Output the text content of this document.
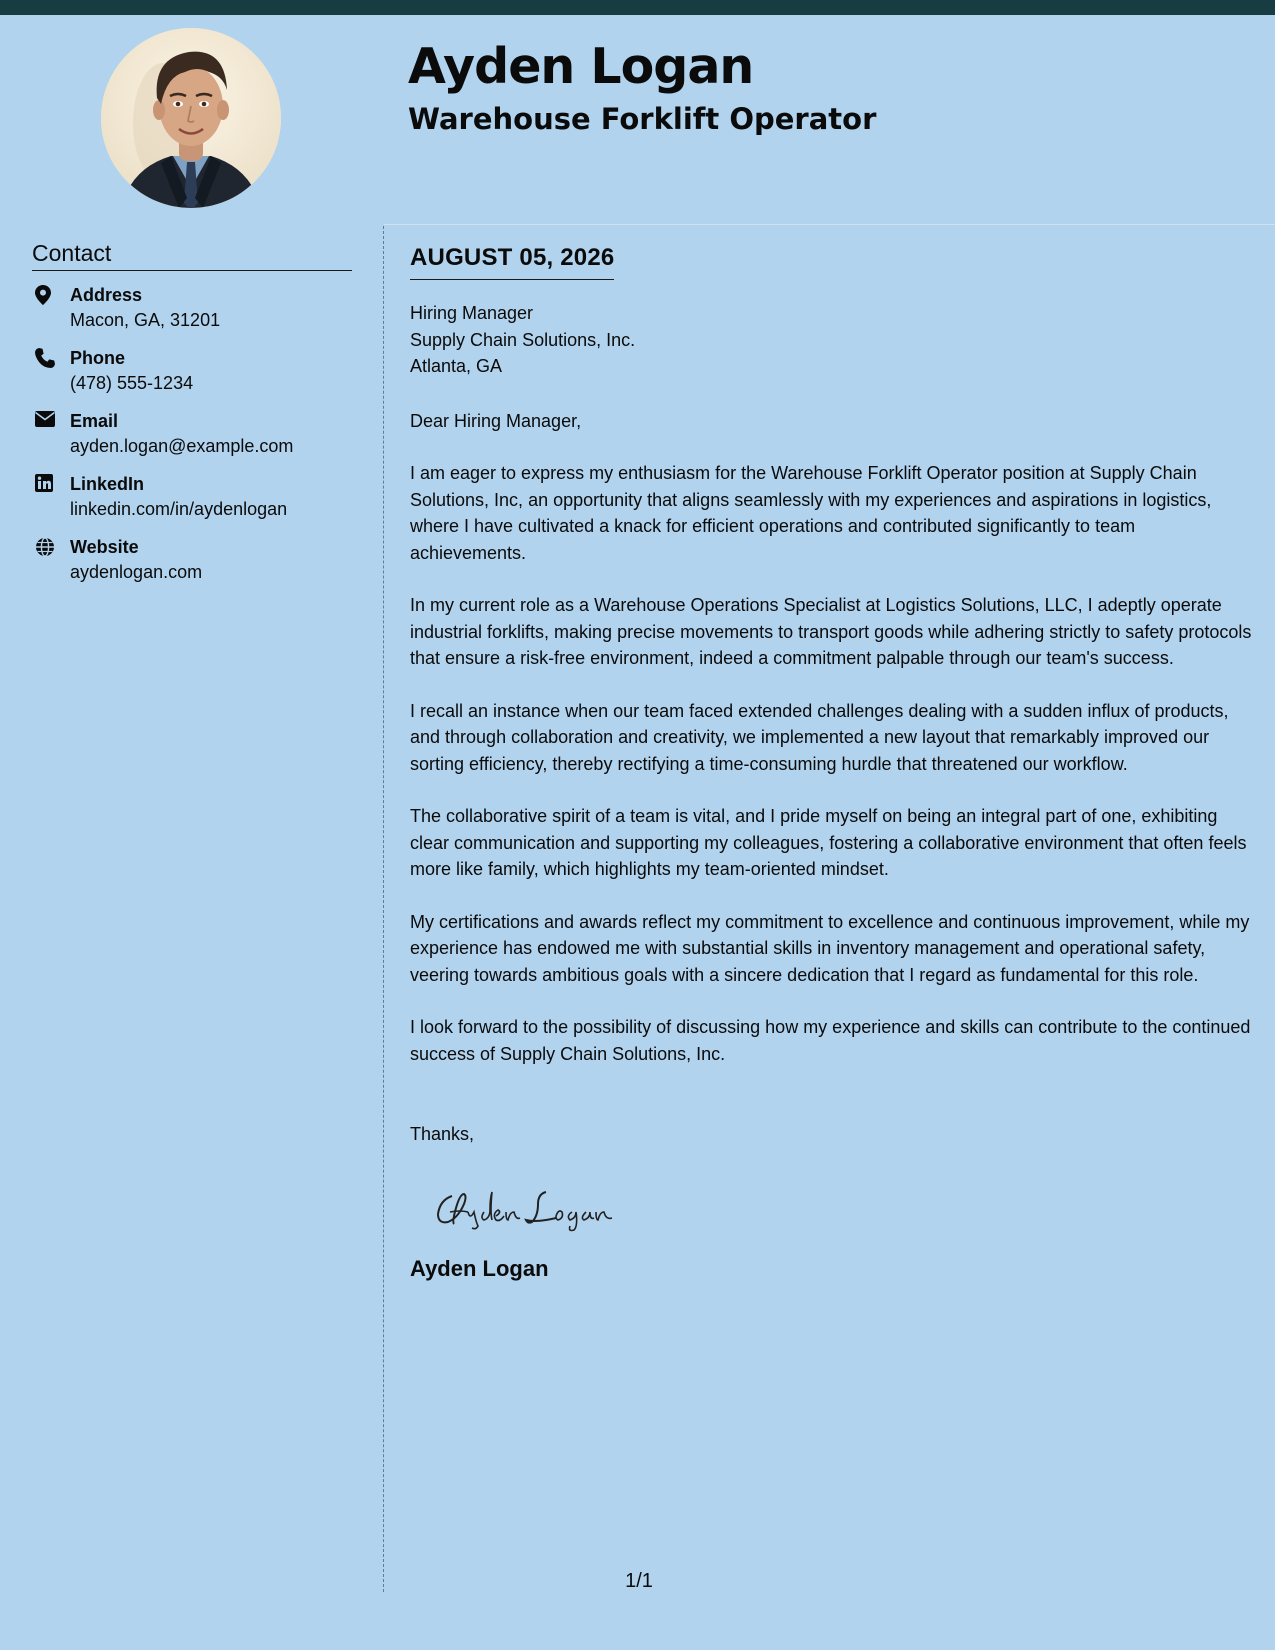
Ayden Logan
Warehouse Forklift Operator
Contact
Address
Macon, GA, 31201
Phone
(478) 555-1234
Email
ayden.logan@example.com
LinkedIn
linkedin.com/in/aydenlogan
Website
aydenlogan.com
AUGUST 05, 2026
Hiring Manager
Supply Chain Solutions, Inc.
Atlanta, GA

Dear Hiring Manager,

I am eager to express my enthusiasm for the Warehouse Forklift Operator position at Supply Chain Solutions, Inc, an opportunity that aligns seamlessly with my experiences and aspirations in logistics, where I have cultivated a knack for efficient operations and contributed significantly to team achievements.

In my current role as a Warehouse Operations Specialist at Logistics Solutions, LLC, I adeptly operate industrial forklifts, making precise movements to transport goods while adhering strictly to safety protocols that ensure a risk-free environment, indeed a commitment palpable through our team's success.

I recall an instance when our team faced extended challenges dealing with a sudden influx of products, and through collaboration and creativity, we implemented a new layout that remarkably improved our sorting efficiency, thereby rectifying a time-consuming hurdle that threatened our workflow.

The collaborative spirit of a team is vital, and I pride myself on being an integral part of one, exhibiting clear communication and supporting my colleagues, fostering a collaborative environment that often feels more like family, which highlights my team-oriented mindset.

My certifications and awards reflect my commitment to excellence and continuous improvement, while my experience has endowed me with substantial skills in inventory management and operational safety, veering towards ambitious goals with a sincere dedication that I regard as fundamental for this role.

I look forward to the possibility of discussing how my experience and skills can contribute to the continued success of Supply Chain Solutions, Inc.

Thanks,
Ayden Logan
1/1
